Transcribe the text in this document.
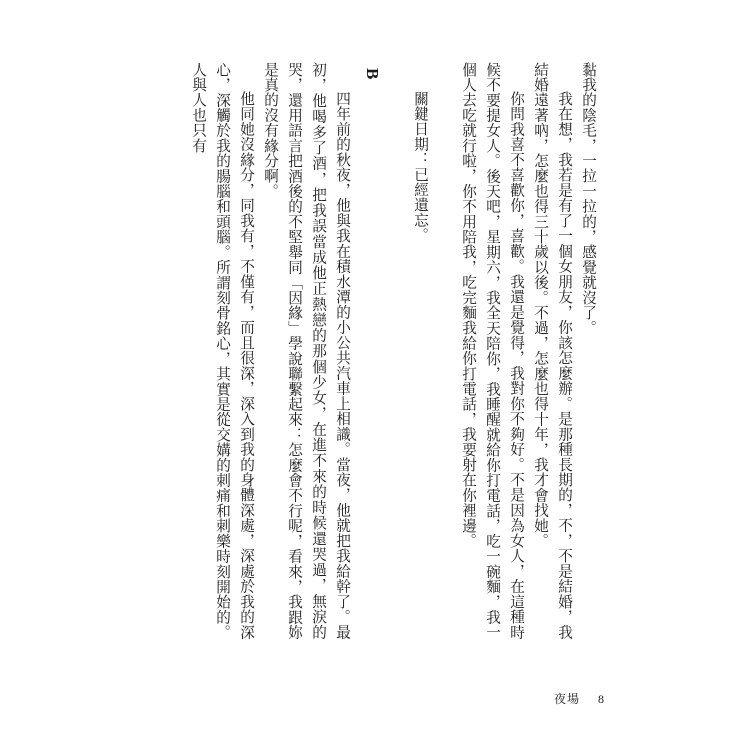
黏我的陰毛，一拉一拉的，感覺就沒了。

我在想，我若是有了一個女朋友，你該怎麼辦。是那種長期的，不，不是結婚，我結婚遠著吶，怎麼也得三十歲以後。不過，怎麼也得十年，我才會找她。

你問我喜不喜歡你，喜歡。我還是覺得，我對你不夠好。不是因為女人，在這種時候不要提女人。後天吧，星期六，我全天陪你，我睡醒就給你打電話，吃一碗麵，我一個人去吃就行啦，你不用陪我，吃完麵我給你打電話，我要射在你裡邊。

關鍵日期：已經遺忘。

B

四年前的秋夜，他與我在積水潭的小公共汽車上相識。當夜，他就把我給幹了。最初，他喝多了酒，把我誤當成他正熱戀的那個少女，在進不來的時候還哭過，無淚的哭，還用語言把酒後的不堅舉同「因緣」學說聯繫起來：怎麼會不行呢，看來，我跟妳是真的沒有緣分啊。

他同她沒緣分，同我有，不僅有，而且很深，深入到我的身體深處，深處於我的深心，深觸於我的腸腦和頭腦。所謂刻骨銘心，其實是從交媾的刺痛和刺樂時刻開始的。人與人也只有

夜場 8
